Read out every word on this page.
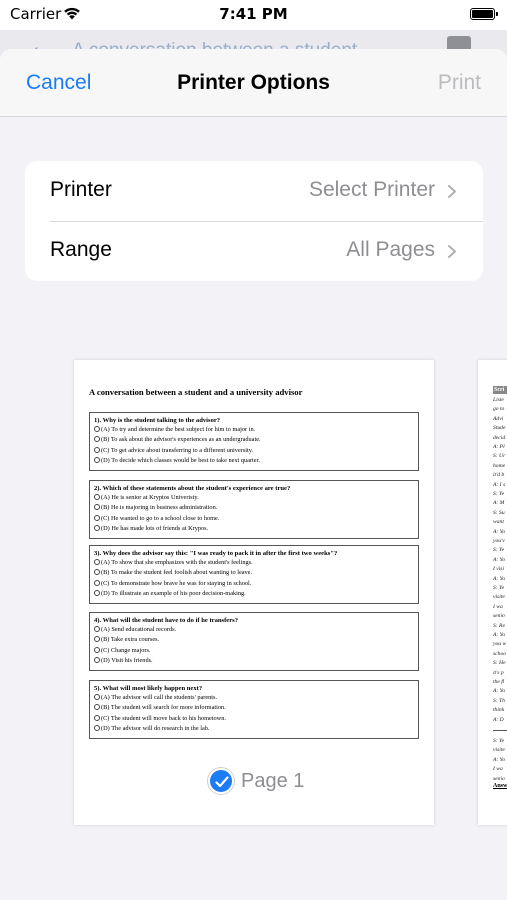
Carrier	7:41 PM
Cancel	Printer Options	Print
Printer	Select Printer
Range	All Pages
A conversation between a student and a university advisor
1). Why is the student talking to the advisor?
(A) To try and determine the best subject for him to major in.
(B) To ask about the advisor's experiences as an undergraduate.
(C) To get advice about transferring to a different university.
(D) To decide which classes would be best to take next quarter.
2). Which of these statements about the student's experience are true?
(A) He is senior at Kryptos Univeristy.
(B) He is majoring in business administration.
(C) He wanted to go to a school close to home.
(D) He has made lots of friends at Krypos.
3). Why does the advisor say this: "I was ready to pack it in after the first two weeks"?
(A) To show that she emphasizes with the student's feelings.
(B) To make the student feel foolish about wanting to leave.
(C) To demonstrate how brave he was for staying in school.
(D) To illustrate an example of his poor decision-making.
4). What will the student have to do if he transfers?
(A) Send educational records.
(B) Take extra courses.
(C) Change majors.
(D) Visit his friends.
5). What will most likely happen next?
(A) The advisor will call the students' parents.
(B) The student will search for more information.
(C) The student will move back to his hometown.
(D) The advisor will do research in the lab.
Page 1
Scri
Liste
go to
Advi
Stude
decid
A: Pl
S: Ur
home
it'd b
A: I s
S: Ye
A: M
S: Su
want
A: Yo
you'v
S: Ye
A: Yo
I visi
A: Yo
S: Ye
visite
I wa
senio
S: Re
A: Yo
you w
schoo
S: He
it's p
the fl
A: Yo
S: Th
think
A: D
S: Ye
visite
A: Yo
I wa
senio
Answ
